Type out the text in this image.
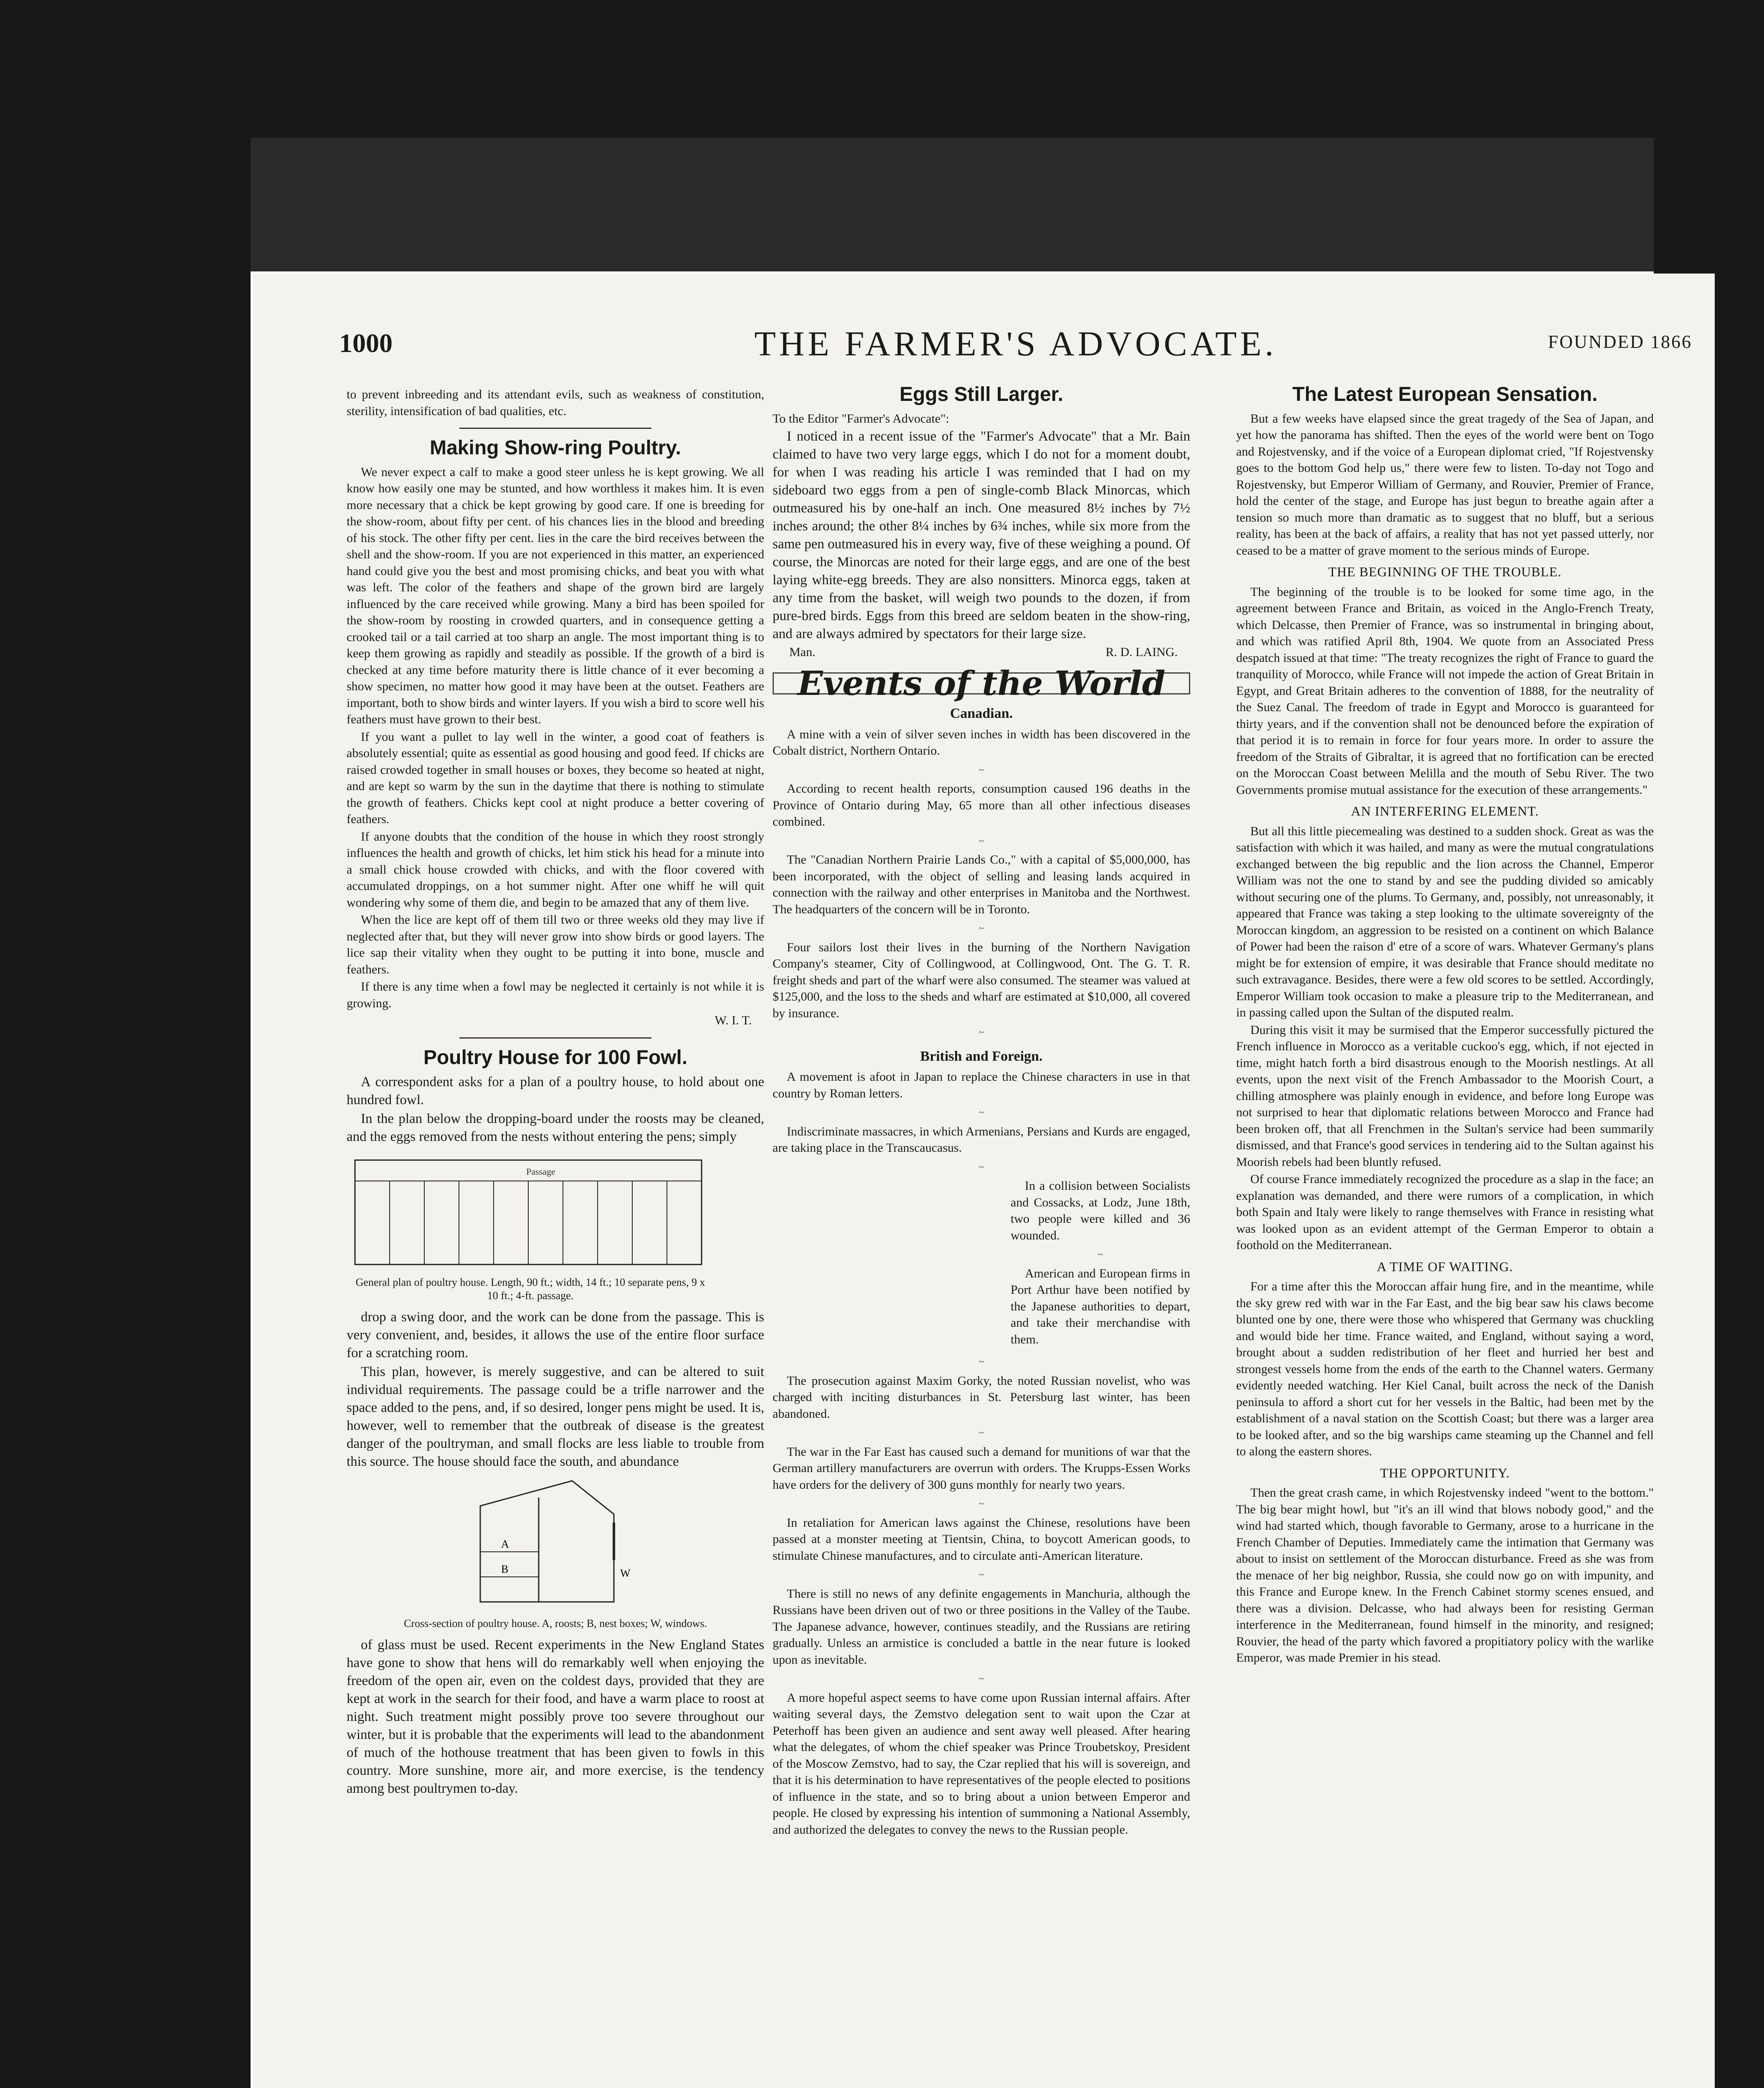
1000	THE FARMER'S ADVOCATE.	FOUNDED 1866

to prevent inbreeding and its attendant evils, such as weakness of constitution, sterility, intensification of bad qualities, etc.

Making Show-ring Poultry.

We never expect a calf to make a good steer unless he is kept growing. We all know how easily one may be stunted, and how worthless it makes him. It is even more necessary that a chick be kept growing by good care. If one is breeding for the show-room, about fifty per cent. of his chances lies in the blood and breeding of his stock. The other fifty per cent. lies in the care the bird receives between the shell and the show-room. If you are not experienced in this matter, an experienced hand could give you the best and most promising chicks, and beat you with what was left. The color of the feathers and shape of the grown bird are largely influenced by the care received while growing. Many a bird has been spoiled for the show-room by roosting in crowded quarters, and in consequence getting a crooked tail or a tail carried at too sharp an angle. The most important thing is to keep them growing as rapidly and steadily as possible. If the growth of a bird is checked at any time before maturity there is little chance of it ever becoming a show specimen, no matter how good it may have been at the outset. Feathers are important, both to show birds and winter layers. If you wish a bird to score well his feathers must have grown to their best.

If you want a pullet to lay well in the winter, a good coat of feathers is absolutely essential; quite as essential as good housing and good feed. If chicks are raised crowded together in small houses or boxes, they become so heated at night, and are kept so warm by the sun in the daytime that there is nothing to stimulate the growth of feathers. Chicks kept cool at night produce a better covering of feathers.

If anyone doubts that the condition of the house in which they roost strongly influences the health and growth of chicks, let him stick his head for a minute into a small chick house crowded with chicks, and with the floor covered with accumulated droppings, on a hot summer night. After one whiff he will quit wondering why some of them die, and begin to be amazed that any of them live.

When the lice are kept off of them till two or three weeks old they may live if neglected after that, but they will never grow into show birds or good layers. The lice sap their vitality when they ought to be putting it into bone, muscle and feathers.

If there is any time when a fowl may be neglected it certainly is not while it is growing.

W. I. T.
Poultry House for 100 Fowl.

A correspondent asks for a plan of a poultry house, to hold about one hundred fowl.

In the plan below the dropping-board under the roosts may be cleaned, and the eggs removed from the nests without entering the pens; simply

Passage
General plan of poultry house. Length, 90 ft.; width, 14 ft.; 10 separate pens, 9 x 10 ft.; 4-ft. passage.

drop a swing door, and the work can be done from the passage. This is very convenient, and, besides, it allows the use of the entire floor surface for a scratching room.

This plan, however, is merely suggestive, and can be altered to suit individual requirements. The passage could be a trifle narrower and the space added to the pens, and, if so desired, longer pens might be used. It is, however, well to remember that the outbreak of disease is the greatest danger of the poultryman, and small flocks are less liable to trouble from this source. The house should face the south, and abundance

A
B	W
Cross-section of poultry house. A, roosts; B, nest boxes; W, windows.

of glass must be used. Recent experiments in the New England States have gone to show that hens will do remarkably well when enjoying the freedom of the open air, even on the coldest days, provided that they are kept at work in the search for their food, and have a warm place to roost at night. Such treatment might possibly prove too severe throughout our winter, but it is probable that the experiments will lead to the abandonment of much of the hothouse treatment that has been given to fowls in this country. More sunshine, more air, and more exercise, is the tendency among best poultrymen to-day.

Eggs Still Larger.

To the Editor "Farmer's Advocate":

I noticed in a recent issue of the "Farmer's Advocate" that a Mr. Bain claimed to have two very large eggs, which I do not for a moment doubt, for when I was reading his article I was reminded that I had on my sideboard two eggs from a pen of single-comb Black Minorcas, which outmeasured his by one-half an inch. One measured 8½ inches by 7½ inches around; the other 8¼ inches by 6¾ inches, while six more from the same pen outmeasured his in every way, five of these weighing a pound. Of course, the Minorcas are noted for their large eggs, and are one of the best laying white-egg breeds. They are also nonsitters. Minorca eggs, taken at any time from the basket, will weigh two pounds to the dozen, if from pure-bred birds. Eggs from this breed are seldom beaten in the show-ring, and are always admired by spectators for their large size.

Man.	R. D. LAING.
Events of the World
Canadian.

A mine with a vein of silver seven inches in width has been discovered in the Cobalt district, Northern Ontario.

~

According to recent health reports, consumption caused 196 deaths in the Province of Ontario during May, 65 more than all other infectious diseases combined.

~

The "Canadian Northern Prairie Lands Co.," with a capital of $5,000,000, has been incorporated, with the object of selling and leasing lands acquired in connection with the railway and other enterprises in Manitoba and the Northwest. The headquarters of the concern will be in Toronto.

~

Four sailors lost their lives in the burning of the Northern Navigation Company's steamer, City of Collingwood, at Collingwood, Ont. The G. T. R. freight sheds and part of the wharf were also consumed. The steamer was valued at $125,000, and the loss to the sheds and wharf are estimated at $10,000, all covered by insurance.

~
British and Foreign.

A movement is afoot in Japan to replace the Chinese characters in use in that country by Roman letters.

~

Indiscriminate massacres, in which Armenians, Persians and Kurds are engaged, are taking place in the Transcaucasus.

~

In a collision between Socialists and Cossacks, at Lodz, June 18th, two people were killed and 36 wounded.

~

American and European firms in Port Arthur have been notified by the Japanese authorities to depart, and take their merchandise with them.

~

The prosecution against Maxim Gorky, the noted Russian novelist, who was charged with inciting disturbances in St. Petersburg last winter, has been abandoned.

~

The war in the Far East has caused such a demand for munitions of war that the German artillery manufacturers are overrun with orders. The Krupps-Essen Works have orders for the delivery of 300 guns monthly for nearly two years.

~

In retaliation for American laws against the Chinese, resolutions have been passed at a monster meeting at Tientsin, China, to boycott American goods, to stimulate Chinese manufactures, and to circulate anti-American literature.

~

There is still no news of any definite engagements in Manchuria, although the Russians have been driven out of two or three positions in the Valley of the Taube. The Japanese advance, however, continues steadily, and the Russians are retiring gradually. Unless an armistice is concluded a battle in the near future is looked upon as inevitable.

~

A more hopeful aspect seems to have come upon Russian internal affairs. After waiting several days, the Zemstvo delegation sent to wait upon the Czar at Peterhoff has been given an audience and sent away well pleased. After hearing what the delegates, of whom the chief speaker was Prince Troubetskoy, President of the Moscow Zemstvo, had to say, the Czar replied that his will is sovereign, and that it is his determination to have representatives of the people elected to positions of influence in the state, and so to bring about a union between Emperor and people. He closed by expressing his intention of summoning a National Assembly, and authorized the delegates to convey the news to the Russian people.

The Latest European Sensation.

But a few weeks have elapsed since the great tragedy of the Sea of Japan, and yet how the panorama has shifted. Then the eyes of the world were bent on Togo and Rojestvensky, and if the voice of a European diplomat cried, "If Rojestvensky goes to the bottom God help us," there were few to listen. To-day not Togo and Rojestvensky, but Emperor William of Germany, and Rouvier, Premier of France, hold the center of the stage, and Europe has just begun to breathe again after a tension so much more than dramatic as to suggest that no bluff, but a serious reality, has been at the back of affairs, a reality that has not yet passed utterly, nor ceased to be a matter of grave moment to the serious minds of Europe.

THE BEGINNING OF THE TROUBLE.

The beginning of the trouble is to be looked for some time ago, in the agreement between France and Britain, as voiced in the Anglo-French Treaty, which Delcasse, then Premier of France, was so instrumental in bringing about, and which was ratified April 8th, 1904. We quote from an Associated Press despatch issued at that time: "The treaty recognizes the right of France to guard the tranquility of Morocco, while France will not impede the action of Great Britain in Egypt, and Great Britain adheres to the convention of 1888, for the neutrality of the Suez Canal. The freedom of trade in Egypt and Morocco is guaranteed for thirty years, and if the convention shall not be denounced before the expiration of that period it is to remain in force for four years more. In order to assure the freedom of the Straits of Gibraltar, it is agreed that no fortification can be erected on the Moroccan Coast between Melilla and the mouth of Sebu River. The two Governments promise mutual assistance for the execution of these arrangements."

AN INTERFERING ELEMENT.

But all this little piecemealing was destined to a sudden shock. Great as was the satisfaction with which it was hailed, and many as were the mutual congratulations exchanged between the big republic and the lion across the Channel, Emperor William was not the one to stand by and see the pudding divided so amicably without securing one of the plums. To Germany, and, possibly, not unreasonably, it appeared that France was taking a step looking to the ultimate sovereignty of the Moroccan kingdom, an aggression to be resisted on a continent on which Balance of Power had been the raison d' etre of a score of wars. Whatever Germany's plans might be for extension of empire, it was desirable that France should meditate no such extravagance. Besides, there were a few old scores to be settled. Accordingly, Emperor William took occasion to make a pleasure trip to the Mediterranean, and in passing called upon the Sultan of the disputed realm.

During this visit it may be surmised that the Emperor successfully pictured the French influence in Morocco as a veritable cuckoo's egg, which, if not ejected in time, might hatch forth a bird disastrous enough to the Moorish nestlings. At all events, upon the next visit of the French Ambassador to the Moorish Court, a chilling atmosphere was plainly enough in evidence, and before long Europe was not surprised to hear that diplomatic relations between Morocco and France had been broken off, that all Frenchmen in the Sultan's service had been summarily dismissed, and that France's good services in tendering aid to the Sultan against his Moorish rebels had been bluntly refused.

Of course France immediately recognized the procedure as a slap in the face; an explanation was demanded, and there were rumors of a complication, in which both Spain and Italy were likely to range themselves with France in resisting what was looked upon as an evident attempt of the German Emperor to obtain a foothold on the Mediterranean.

A TIME OF WAITING.

For a time after this the Moroccan affair hung fire, and in the meantime, while the sky grew red with war in the Far East, and the big bear saw his claws become blunted one by one, there were those who whispered that Germany was chuckling and would bide her time. France waited, and England, without saying a word, brought about a sudden redistribution of her fleet and hurried her best and strongest vessels home from the ends of the earth to the Channel waters. Germany evidently needed watching. Her Kiel Canal, built across the neck of the Danish peninsula to afford a short cut for her vessels in the Baltic, had been met by the establishment of a naval station on the Scottish Coast; but there was a larger area to be looked after, and so the big warships came steaming up the Channel and fell to along the eastern shores.

THE OPPORTUNITY.

Then the great crash came, in which Rojestvensky indeed "went to the bottom." The big bear might howl, but "it's an ill wind that blows nobody good," and the wind had started which, though favorable to Germany, arose to a hurricane in the French Chamber of Deputies. Immediately came the intimation that Germany was about to insist on settlement of the Moroccan disturbance. Freed as she was from the menace of her big neighbor, Russia, she could now go on with impunity, and this France and Europe knew. In the French Cabinet stormy scenes ensued, and there was a division. Delcasse, who had always been for resisting German interference in the Mediterranean, found himself in the minority, and resigned; Rouvier, the head of the party which favored a propitiatory policy with the warlike Emperor, was made Premier in his stead.
